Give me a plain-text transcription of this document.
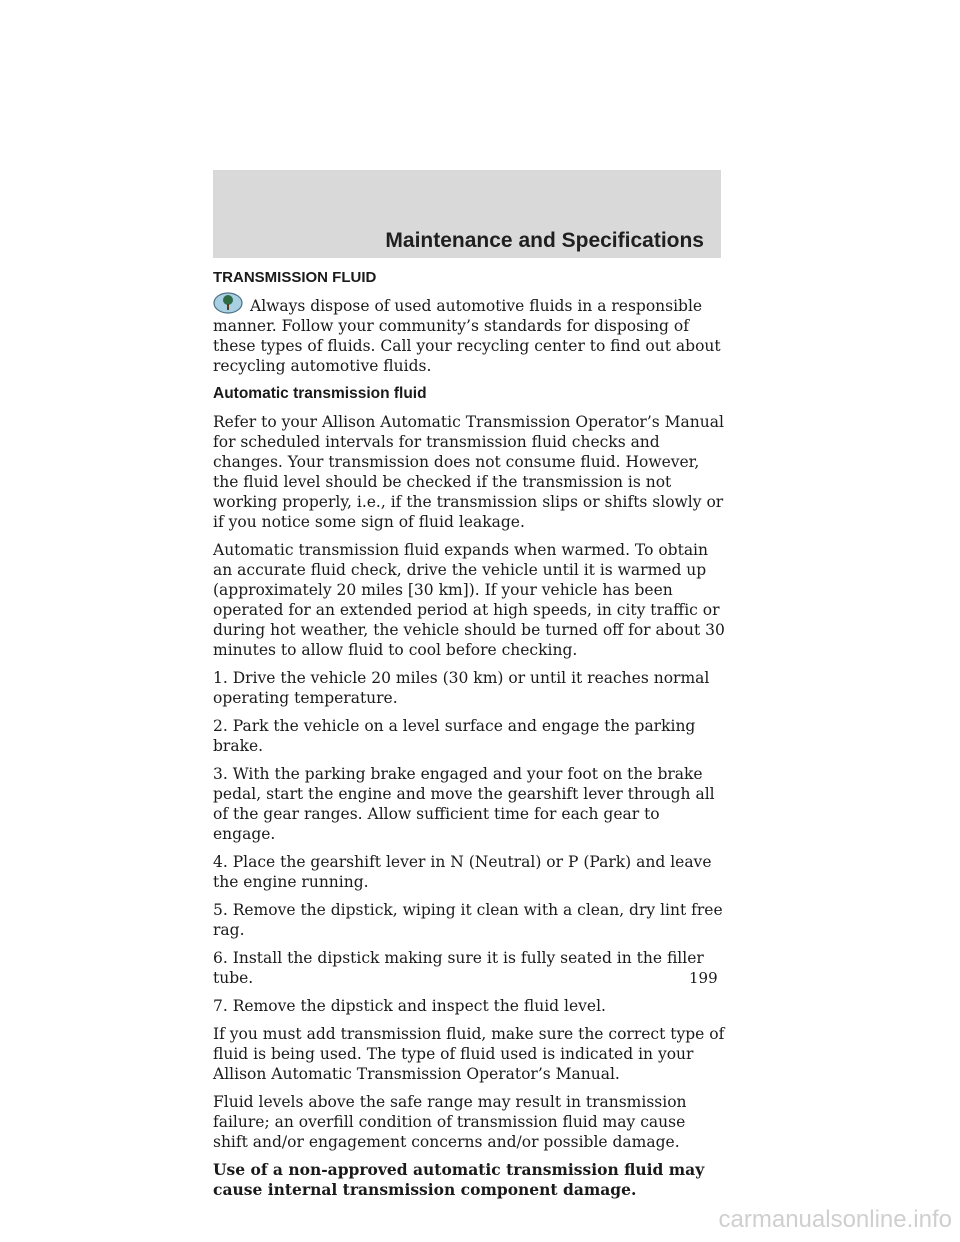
Maintenance and Specifications

TRANSMISSION FLUID

Always dispose of used automotive fluids in a responsible manner. Follow your community’s standards for disposing of these types of fluids. Call your recycling center to find out about recycling automotive fluids.

Automatic transmission fluid

Refer to your Allison Automatic Transmission Operator’s Manual for scheduled intervals for transmission fluid checks and changes. Your transmission does not consume fluid. However, the fluid level should be checked if the transmission is not working properly, i.e., if the transmission slips or shifts slowly or if you notice some sign of fluid leakage.

Automatic transmission fluid expands when warmed. To obtain an accurate fluid check, drive the vehicle until it is warmed up (approximately 20 miles [30 km]). If your vehicle has been operated for an extended period at high speeds, in city traffic or during hot weather, the vehicle should be turned off for about 30 minutes to allow fluid to cool before checking.

1. Drive the vehicle 20 miles (30 km) or until it reaches normal operating temperature.

2. Park the vehicle on a level surface and engage the parking brake.

3. With the parking brake engaged and your foot on the brake pedal, start the engine and move the gearshift lever through all of the gear ranges. Allow sufficient time for each gear to engage.

4. Place the gearshift lever in N (Neutral) or P (Park) and leave the engine running.

5. Remove the dipstick, wiping it clean with a clean, dry lint free rag.

6. Install the dipstick making sure it is fully seated in the filler tube.

7. Remove the dipstick and inspect the fluid level.

If you must add transmission fluid, make sure the correct type of fluid is being used. The type of fluid used is indicated in your Allison Automatic Transmission Operator’s Manual.

Fluid levels above the safe range may result in transmission failure; an overfill condition of transmission fluid may cause shift and/or engagement concerns and/or possible damage.

Use of a non-approved automatic transmission fluid may cause internal transmission component damage.

199
carmanualsonline.info
